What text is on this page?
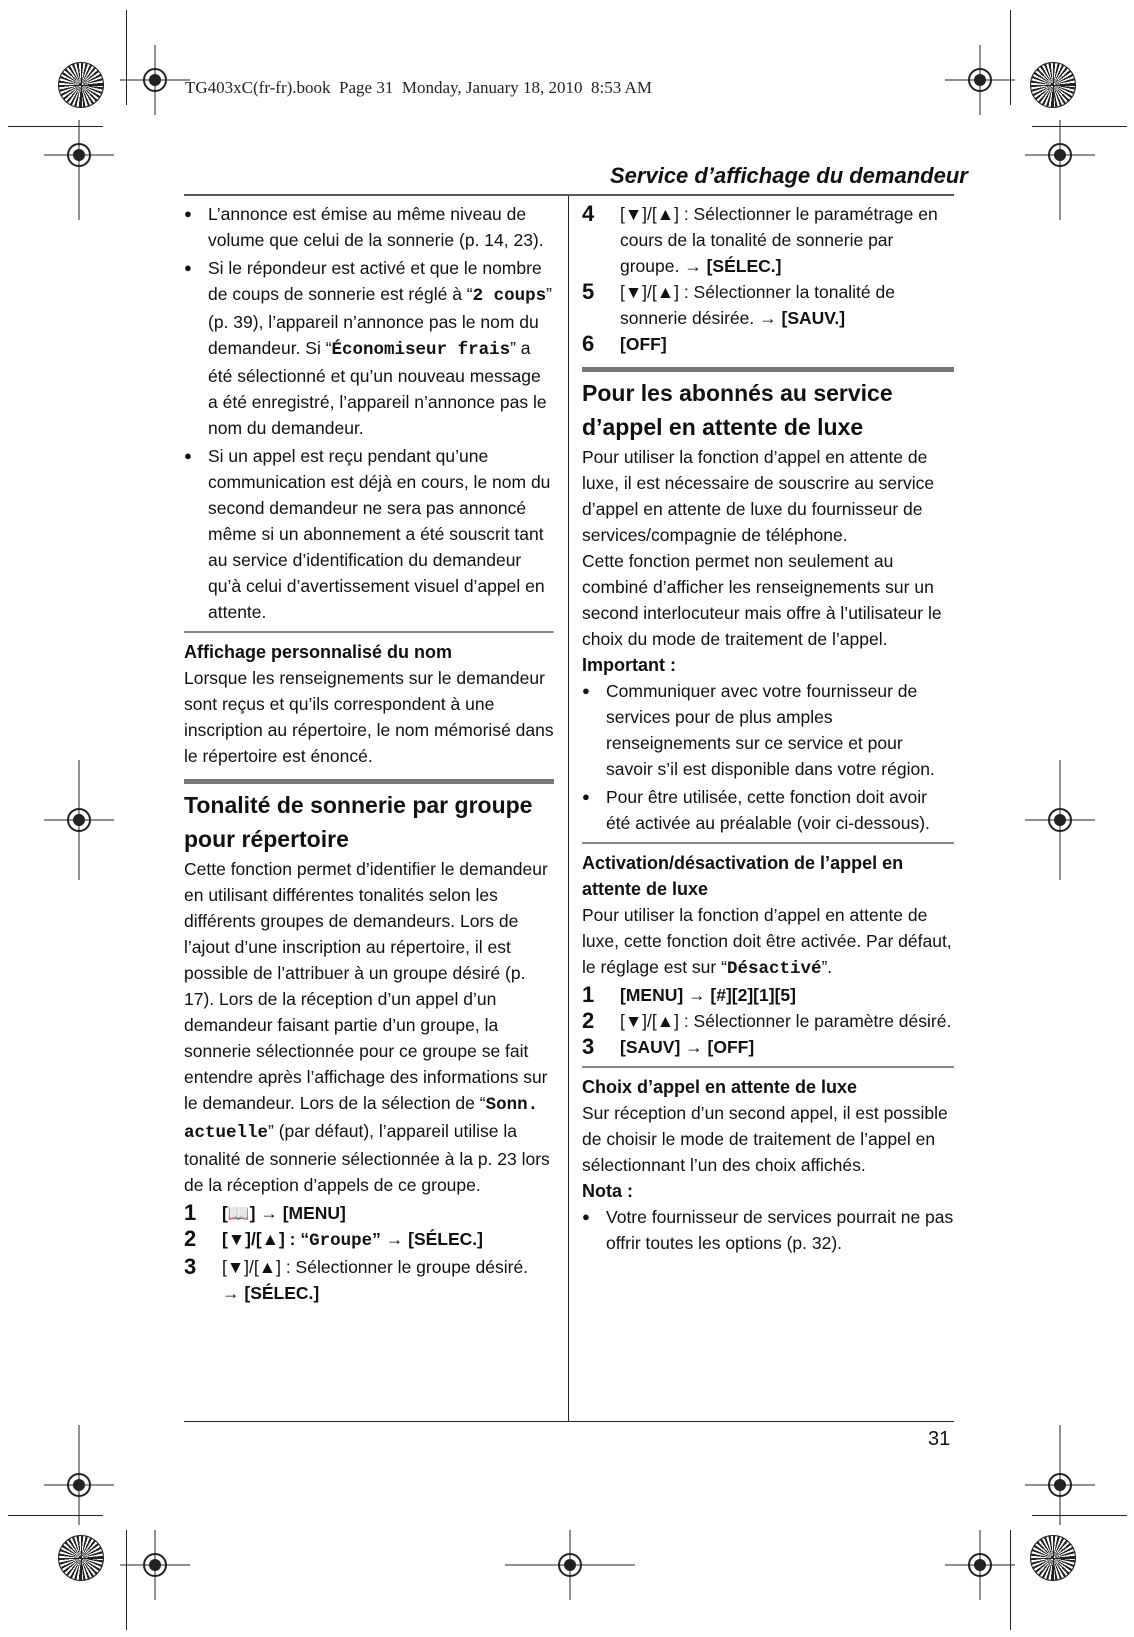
TG403xC(fr-fr).book  Page 31  Monday, January 18, 2010  8:53 AM
Service d’affichage du demandeur
● L’annonce est émise au même niveau de volume que celui de la sonnerie (p. 14, 23).
● Si le répondeur est activé et que le nombre de coups de sonnerie est réglé à “2 coups” (p. 39), l’appareil n’annonce pas le nom du demandeur. Si “Économiseur frais” a été sélectionné et qu’un nouveau message a été enregistré, l’appareil n’annonce pas le nom du demandeur.
● Si un appel est reçu pendant qu’une communication est déjà en cours, le nom du second demandeur ne sera pas annoncé même si un abonnement a été souscrit tant au service d’identification du demandeur qu’à celui d’avertissement visuel d’appel en attente.
Affichage personnalisé du nom

Lorsque les renseignements sur le demandeur sont reçus et qu’ils correspondent à une inscription au répertoire, le nom mémorisé dans le répertoire est énoncé.

Tonalité de sonnerie par groupe pour répertoire

Cette fonction permet d’identifier le demandeur en utilisant différentes tonalités selon les différents groupes de demandeurs. Lors de l’ajout d’une inscription au répertoire, il est possible de l’attribuer à un groupe désiré (p. 17). Lors de la réception d’un appel d’un demandeur faisant partie d’un groupe, la sonnerie sélectionnée pour ce groupe se fait entendre après l’affichage des informations sur le demandeur. Lors de la sélection de “Sonn. actuelle” (par défaut), l’appareil utilise la tonalité de sonnerie sélectionnée à la p. 23 lors de la réception d’appels de ce groupe.

1 [📖] → [MENU]
2 [▼]/[▲] : “Groupe” → [SÉLEC.]
3 [▼]/[▲] : Sélectionner le groupe désiré.
→ [SÉLEC.]
4 [▼]/[▲] : Sélectionner le paramétrage en cours de la tonalité de sonnerie par groupe. → [SÉLEC.]
5 [▼]/[▲] : Sélectionner la tonalité de sonnerie désirée. → [SAUV.]
6 [OFF]
Pour les abonnés au service d’appel en attente de luxe

Pour utiliser la fonction d’appel en attente de luxe, il est nécessaire de souscrire au service d’appel en attente de luxe du fournisseur de services/compagnie de téléphone.

Cette fonction permet non seulement au combiné d’afficher les renseignements sur un second interlocuteur mais offre à l’utilisateur le choix du mode de traitement de l’appel.

Important :
● Communiquer avec votre fournisseur de services pour de plus amples renseignements sur ce service et pour savoir s’il est disponible dans votre région.
● Pour être utilisée, cette fonction doit avoir été activée au préalable (voir ci-dessous).
Activation/désactivation de l’appel en attente de luxe

Pour utiliser la fonction d’appel en attente de luxe, cette fonction doit être activée. Par défaut, le réglage est sur “Désactivé”.

1 [MENU] → [#][2][1][5]
2 [▼]/[▲] : Sélectionner le paramètre désiré.
3 [SAUV] → [OFF]
Choix d’appel en attente de luxe

Sur réception d’un second appel, il est possible de choisir le mode de traitement de l’appel en sélectionnant l’un des choix affichés.

Nota :
● Votre fournisseur de services pourrait ne pas offrir toutes les options (p. 32).
31
